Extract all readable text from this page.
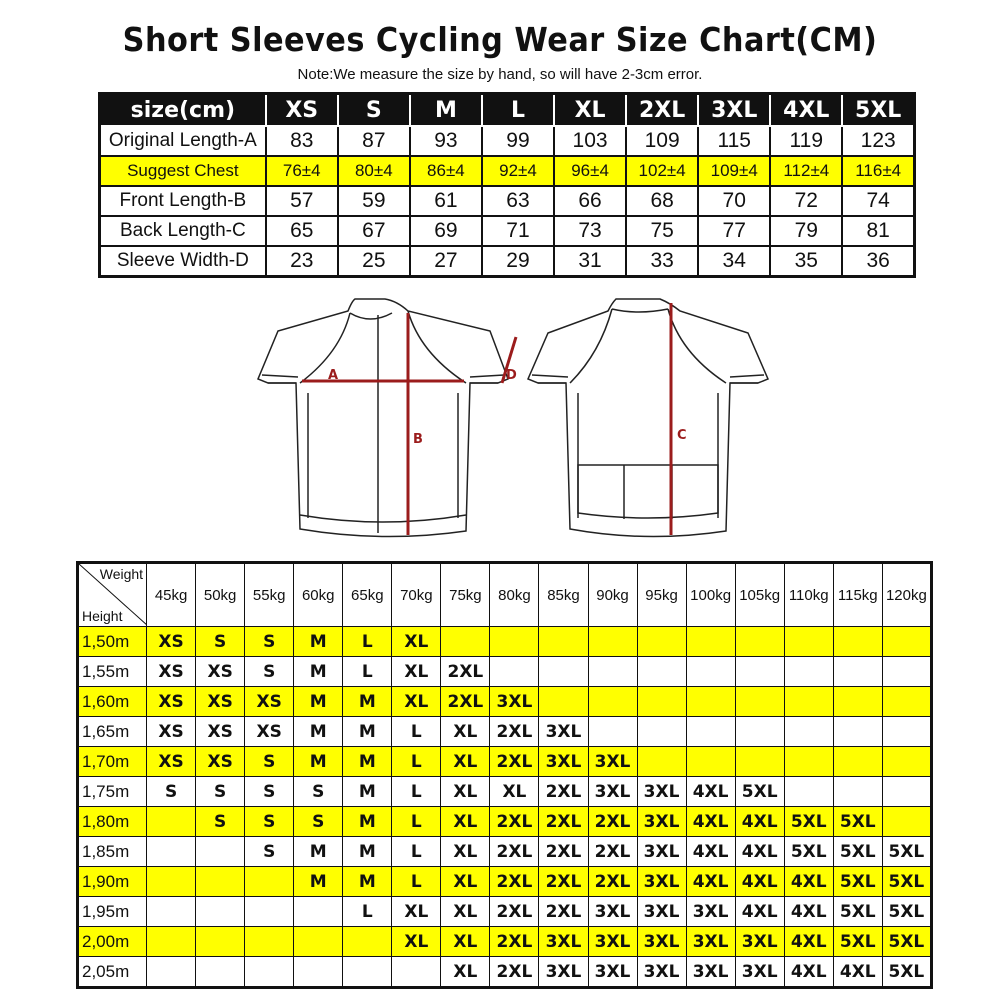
Short Sleeves Cycling Wear Size Chart(CM)
Note:We measure the size by hand, so will have 2-3cm error.
size(cm)	XS	S	M	L	XL	2XL	3XL	4XL	5XL
Original Length-A	83	87	93	99	103	109	115	119	123
Suggest Chest	76±4	80±4	86±4	92±4	96±4	102±4	109±4	112±4	116±4
Front Length-B	57	59	61	63	66	68	70	72	74
Back Length-C	65	67	69	71	73	75	77	79	81
Sleeve Width-D	23	25	27	29	31	33	34	35	36
A
B
D
C
Weight
Height	45kg	50kg	55kg	60kg	65kg	70kg	75kg	80kg	85kg	90kg	95kg	100kg	105kg	110kg	115kg	120kg
1,50m	XS	S	S	M	L	XL										
1,55m	XS	XS	S	M	L	XL	2XL									
1,60m	XS	XS	XS	M	M	XL	2XL	3XL								
1,65m	XS	XS	XS	M	M	L	XL	2XL	3XL							
1,70m	XS	XS	S	M	M	L	XL	2XL	3XL	3XL						
1,75m	S	S	S	S	M	L	XL	XL	2XL	3XL	3XL	4XL	5XL			
1,80m		S	S	S	M	L	XL	2XL	2XL	2XL	3XL	4XL	4XL	5XL	5XL	
1,85m			S	M	M	L	XL	2XL	2XL	2XL	3XL	4XL	4XL	5XL	5XL	5XL
1,90m				M	M	L	XL	2XL	2XL	2XL	3XL	4XL	4XL	4XL	5XL	5XL
1,95m					L	XL	XL	2XL	2XL	3XL	3XL	3XL	4XL	4XL	5XL	5XL
2,00m						XL	XL	2XL	3XL	3XL	3XL	3XL	3XL	4XL	5XL	5XL
2,05m							XL	2XL	3XL	3XL	3XL	3XL	3XL	4XL	4XL	5XL
